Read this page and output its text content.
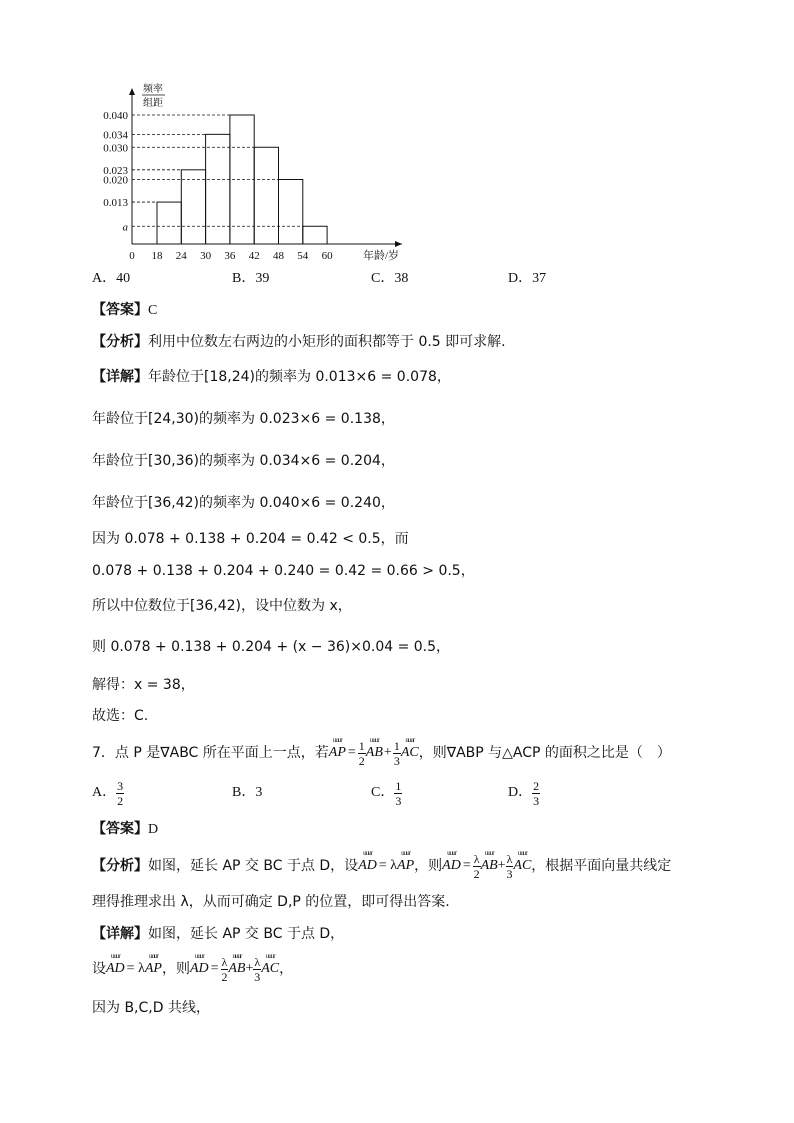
0.040
0.034
0.030
0.023
0.020
0.013
a
0 18 24 30 36 42 48 54 60	年龄/岁
频率
组距
A．40	B．39	C．38	D．37
【答案】C
【分析】利用中位数左右两边的小矩形的面积都等于 0.5 即可求解.
【详解】年龄位于[18,24)的频率为 0.013×6 = 0.078，
年龄位于[24,30)的频率为 0.023×6 = 0.138，
年龄位于[30,36)的频率为 0.034×6 = 0.204，
年龄位于[36,42)的频率为 0.040×6 = 0.240，
因为 0.078 + 0.138 + 0.204 = 0.42 < 0.5，而
0.078 + 0.138 + 0.204 + 0.240 = 0.42 = 0.66 > 0.5，
所以中位数位于[36,42)，设中位数为 x，
则 0.078 + 0.138 + 0.204 + (x − 36)×0.04 = 0.5，
解得：x = 38，
故选：C.
7．点 P 是∇ABC 所在平面上一点，若 uuur AP = $\frac{1}{2}$ uuur AB + $\frac{1}{3}$ uuur AC ，则∇ABP 与△ACP 的面积之比是（　）
A． $\frac{3}{2}$	B．3	C． $\frac{1}{3}$	D． $\frac{2}{3}$
【答案】D
【分析】 如图，延长 AP 交 BC 于点 D，设 uuur AD = λ uuur AP ，则 uuur AD = $\frac{\lambda}{2}$ uuur AB + $\frac{\lambda}{3}$ uuur AC ，根据平面向量共线定
理得推理求出 λ，从而可确定 D,P 的位置，即可得出答案.
【详解】如图，延长 AP 交 BC 于点 D，
设 uuur AD = λ uuur AP ，则 uuur AD = $\frac{\lambda}{2}$ uuur AB + $\frac{\lambda}{3}$ uuur AC ，
因为 B,C,D 共线，
